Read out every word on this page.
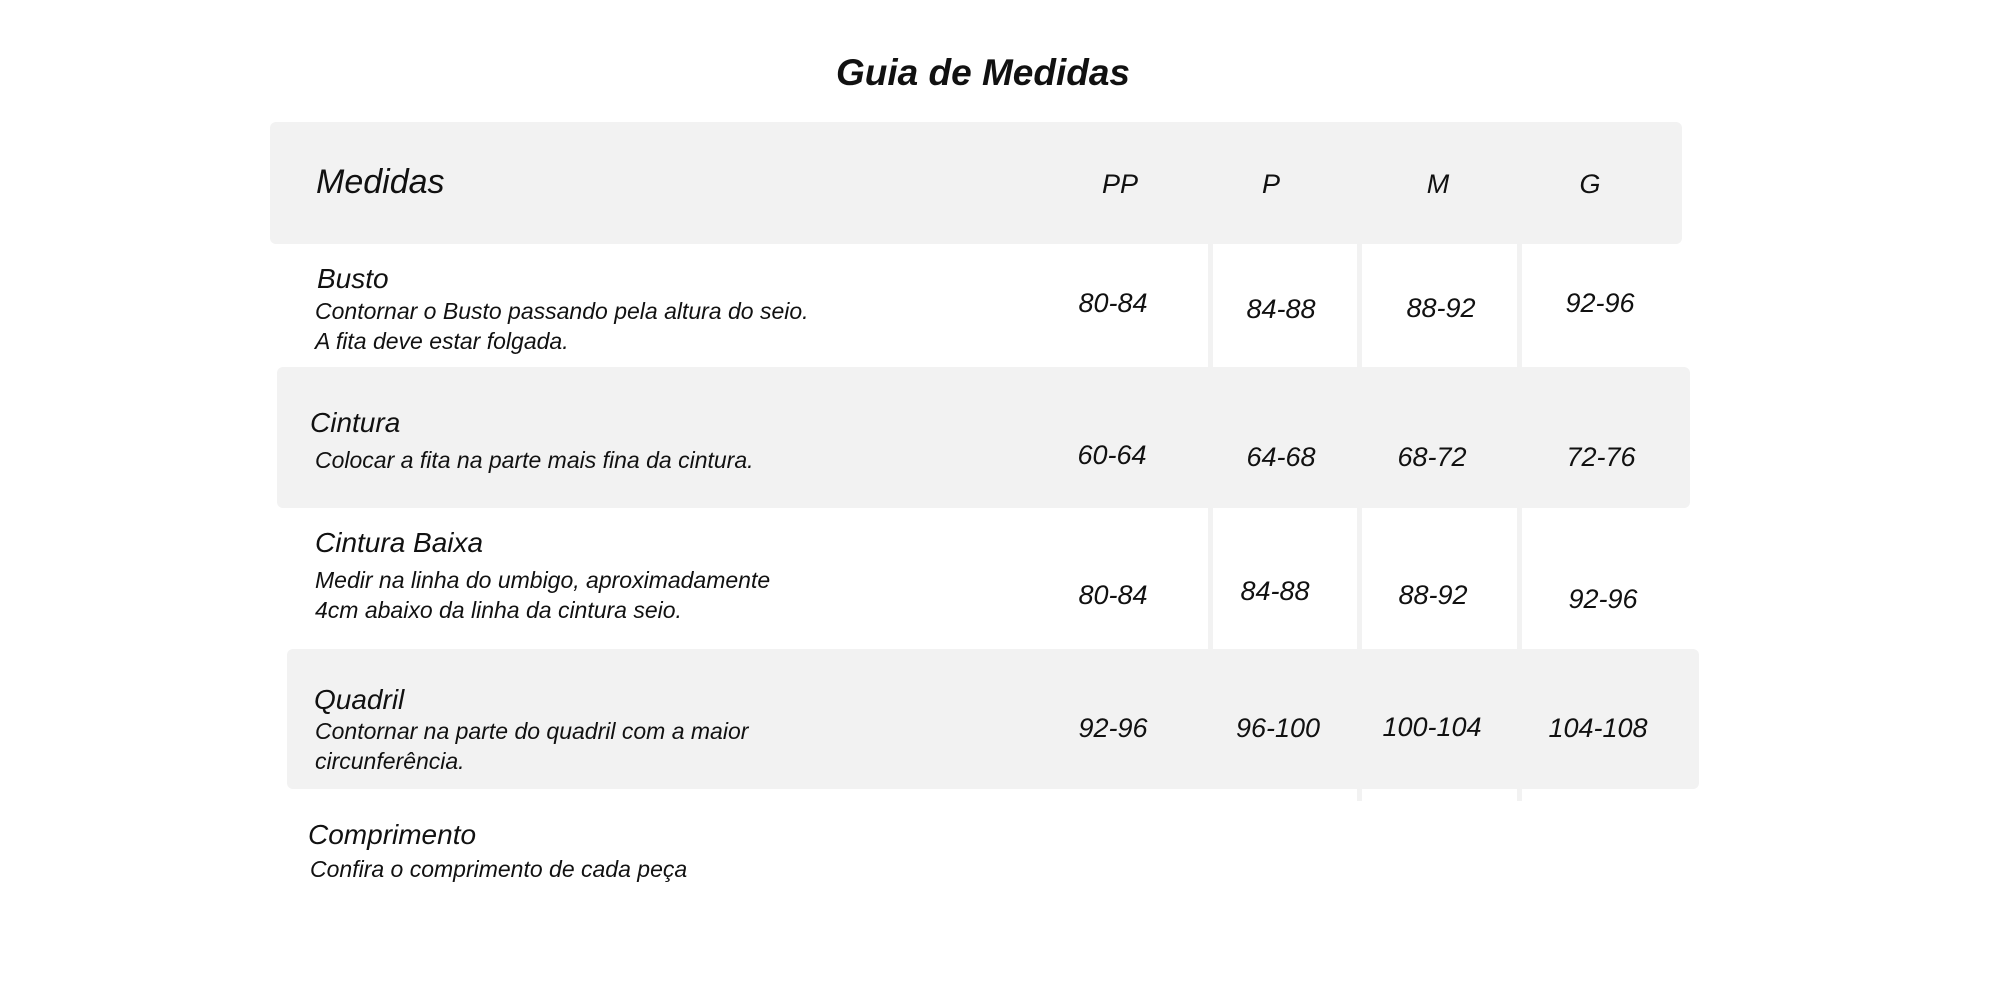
Guia de Medidas
Medidas	PP	P	M	G
Busto
Contornar o Busto passando pela altura do seio.
A fita deve estar folgada.
80-84	84-88	88-92	92-96
Cintura
Colocar a fita na parte mais fina da cintura.	60-64	64-68	68-72	72-76
Cintura Baixa
Medir na linha do umbigo, aproximadamente
4cm abaixo da linha da cintura seio.	80-84	84-88	88-92	92-96
Quadril
Contornar na parte do quadril com a maior
circunferência.
92-96	96-100 100-104 104-108
Comprimento
Confira o comprimento de cada peça
